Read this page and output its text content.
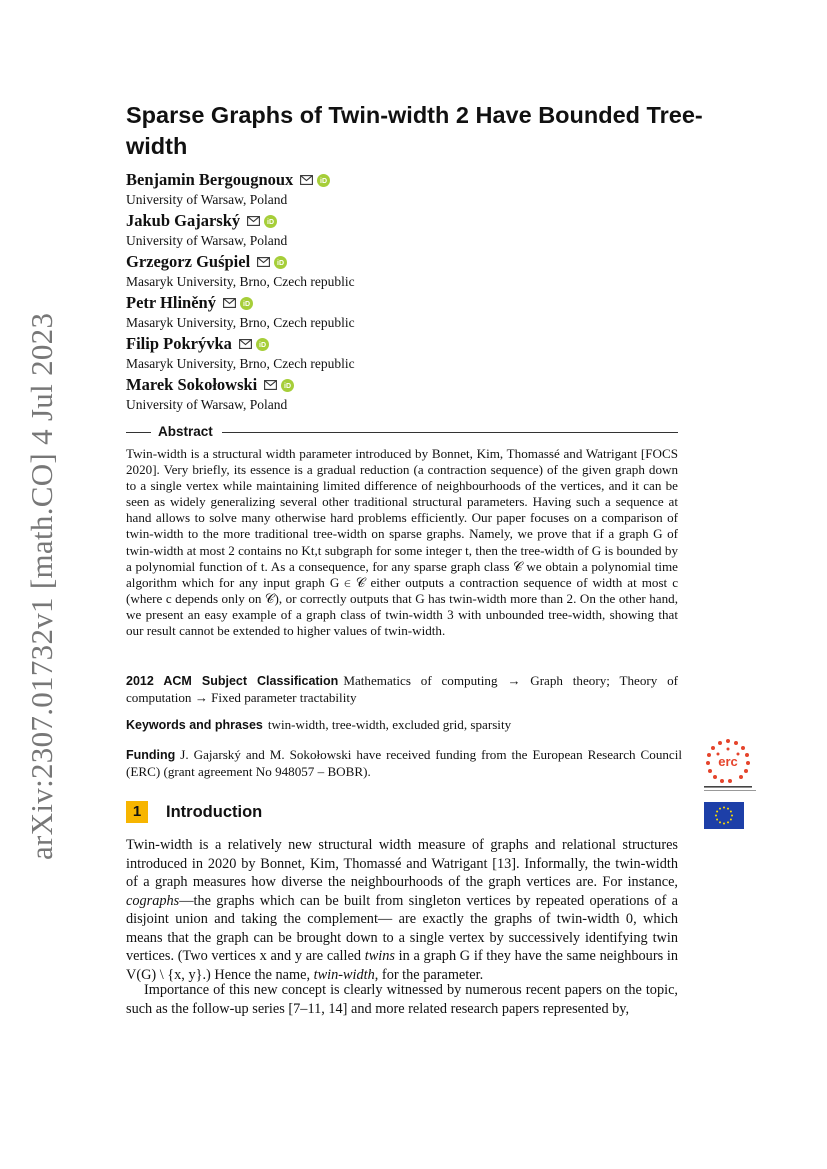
arXiv:2307.01732v1 [math.CO] 4 Jul 2023
Sparse Graphs of Twin-width 2 Have Bounded Tree-width
Benjamin Bergougnoux	iD
University of Warsaw, Poland
Jakub Gajarský	iD
University of Warsaw, Poland
Grzegorz Guśpiel	iD
Masaryk University, Brno, Czech republic
Petr Hliněný	iD
Masaryk University, Brno, Czech republic
Filip Pokrývka	iD
Masaryk University, Brno, Czech republic
Marek Sokołowski	iD
University of Warsaw, Poland
Abstract
Twin-width is a structural width parameter introduced by Bonnet, Kim, Thomassé and Watrigant [FOCS 2020]. Very briefly, its essence is a gradual reduction (a contraction sequence) of the given graph down to a single vertex while maintaining limited difference of neighbourhoods of the vertices, and it can be seen as widely generalizing several other traditional structural parameters. Having such a sequence at hand allows to solve many otherwise hard problems efficiently. Our paper focuses on a comparison of twin-width to the more traditional tree-width on sparse graphs. Namely, we prove that if a graph G of twin-width at most 2 contains no Kt,t subgraph for some integer t, then the tree-width of G is bounded by a polynomial function of t. As a consequence, for any sparse graph class 𝒞 we obtain a polynomial time algorithm which for any input graph G ∈ 𝒞 either outputs a contraction sequence of width at most c (where c depends only on 𝒞), or correctly outputs that G has twin-width more than 2. On the other hand, we present an easy example of a graph class of twin-width 3 with unbounded tree-width, showing that our result cannot be extended to higher values of twin-width.
2012 ACM Subject Classification Mathematics of computing → Graph theory; Theory of computation → Fixed parameter tractability
Keywords and phrases twin-width, tree-width, excluded grid, sparsity
Funding J. Gajarský and M. Sokołowski have received funding from the European Research Council (ERC) (grant agreement No 948057 – BOBR).
erc
1	Introduction
Twin-width is a relatively new structural width measure of graphs and relational structures introduced in 2020 by Bonnet, Kim, Thomassé and Watrigant [13]. Informally, the twin-width of a graph measures how diverse the neighbourhoods of the graph vertices are. For instance, cographs—the graphs which can be built from singleton vertices by repeated operations of a disjoint union and taking the complement— are exactly the graphs of twin-width 0, which means that the graph can be brought down to a single vertex by successively identifying twin vertices. (Two vertices x and y are called twins in a graph G if they have the same neighbours in V(G) \ {x, y}.) Hence the name, twin-width, for the parameter.
Importance of this new concept is clearly witnessed by numerous recent papers on the topic, such as the follow-up series [7–11, 14] and more related research papers represented by,
